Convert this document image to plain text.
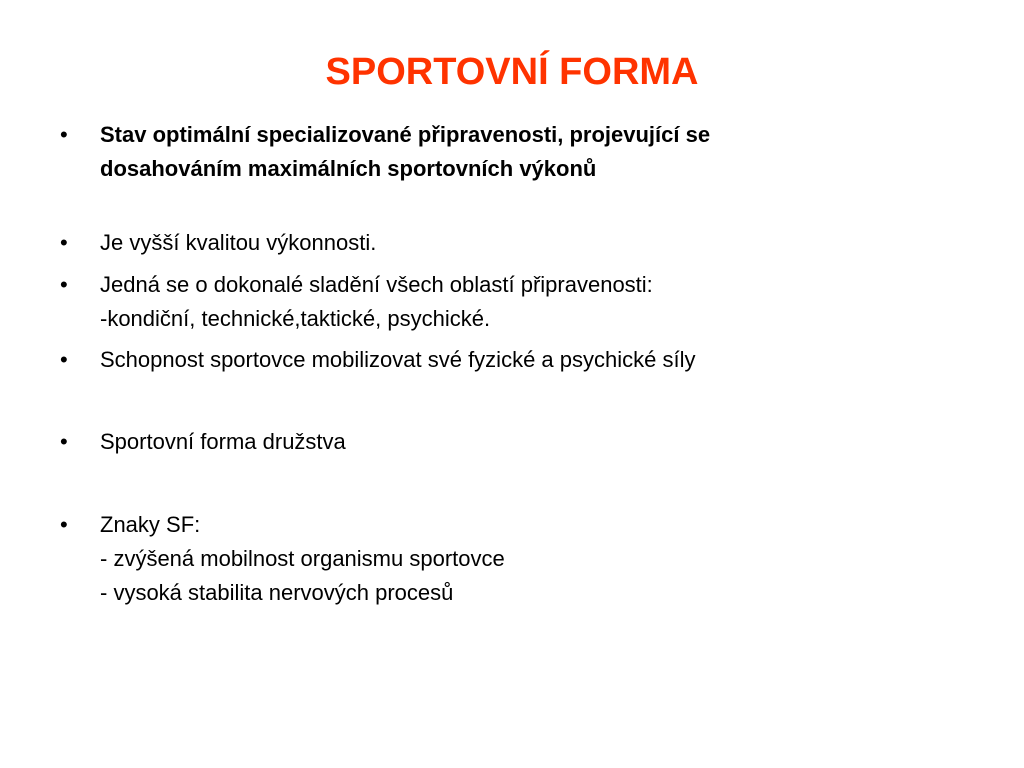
SPORTOVNÍ FORMA
•	Stav optimální specializované připravenosti, projevující se
dosahováním maximálních sportovních výkonů
•	Je vyšší kvalitou výkonnosti.
•	Jedná se o dokonalé sladění všech oblastí připravenosti:
-kondiční, technické,taktické, psychické.
•	Schopnost sportovce mobilizovat své fyzické a psychické síly
•	Sportovní forma družstva
•	Znaky SF:
- zvýšená mobilnost organismu sportovce
- vysoká stabilita nervových procesů
